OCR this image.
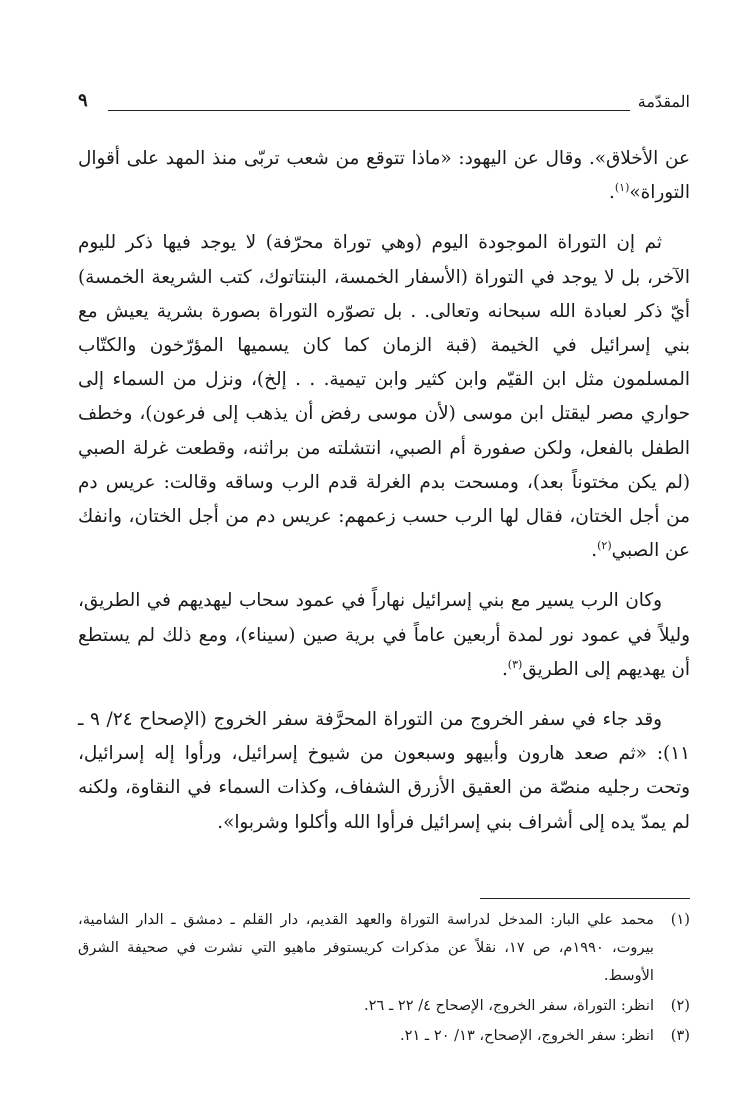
المقدّمة
٩

عن الأخلاق». وقال عن اليهود: «ماذا تتوقع من شعب تربّى منذ المهد على أقوال التوراة»$^{(١)}$.

ثم إن التوراة الموجودة اليوم (وهي توراة محرّفة) لا يوجد فيها ذكر لليوم الآخر، بل لا يوجد في التوراة (الأسفار الخمسة، البنتاتوك، كتب الشريعة الخمسة) أيّ ذكر لعبادة الله سبحانه وتعالى. . بل تصوّره التوراة بصورة بشرية يعيش مع بني إسرائيل في الخيمة (قبة الزمان كما كان يسميها المؤرّخون والكتّاب المسلمون مثل ابن القيّم وابن كثير وابن تيمية. . . إلخ)، ونزل من السماء إلى حواري مصر ليقتل ابن موسى (لأن موسى رفض أن يذهب إلى فرعون)، وخطف الطفل بالفعل، ولكن صفورة أم الصبي، انتشلته من براثنه، وقطعت غرلة الصبي (لم يكن مختوناً بعد)، ومسحت بدم الغرلة قدم الرب وساقه وقالت: عريس دم من أجل الختان، فقال لها الرب حسب زعمهم: عريس دم من أجل الختان، وانفك عن الصبي$^{(٢)}$.

وكان الرب يسير مع بني إسرائيل نهاراً في عمود سحاب ليهديهم في الطريق، وليلاً في عمود نور لمدة أربعين عاماً في برية صين (سيناء)، ومع ذلك لم يستطع أن يهديهم إلى الطريق$^{(٣)}$.

وقد جاء في سفر الخروج من التوراة المحرَّفة سفر الخروج (الإصحاح ٢٤/ ٩ ـ ١١): «ثم صعد هارون وأبيهو وسبعون من شيوخ إسرائيل، ورأوا إله إسرائيل، وتحت رجليه منصّة من العقيق الأزرق الشفاف، وكذات السماء في النقاوة، ولكنه لم يمدّ يده إلى أشراف بني إسرائيل فرأوا الله وأكلوا وشربوا».

(١)
محمد علي البار: المدخل لدراسة التوراة والعهد القديم، دار القلم ـ دمشق ـ الدار الشامية، بيروت، ١٩٩٠م، ص ١٧، نقلاً عن مذكرات كريستوفر ماهيو التي نشرت في صحيفة الشرق الأوسط.
(٢)
انظر: التوراة، سفر الخروج، الإصحاح ٤/ ٢٢ ـ ٢٦.
(٣)
انظر: سفر الخروج، الإصحاح، ١٣/ ٢٠ ـ ٢١.
